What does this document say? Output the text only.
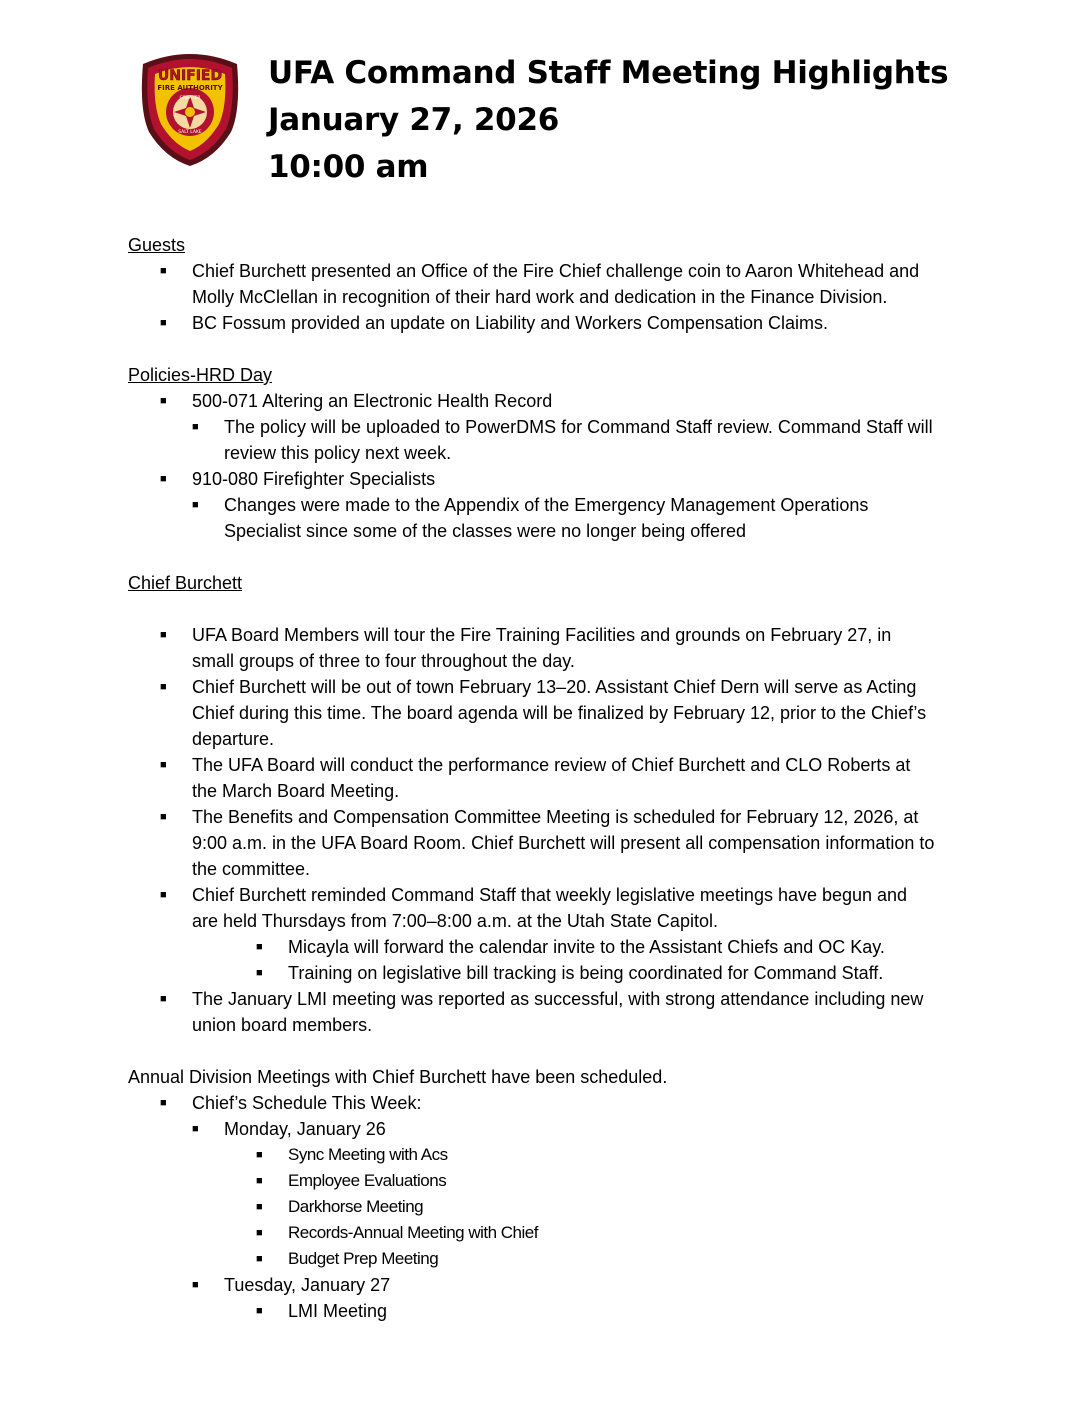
UNIFIED
FIRE AUTHORITY
GREATER
SALT LAKE

UFA Command Staff Meeting Highlights

January 27, 2026

10:00 am

Guests

■ Chief Burchett presented an Office of the Fire Chief challenge coin to Aaron Whitehead and Molly McClellan in recognition of their hard work and dedication in the Finance Division.
■ BC Fossum provided an update on Liability and Workers Compensation Claims.

Policies-HRD Day

■ 500-071 Altering an Electronic Health Record
■ The policy will be uploaded to PowerDMS for Command Staff review. Command Staff will review this policy next week.
■ 910-080 Firefighter Specialists
■ Changes were made to the Appendix of the Emergency Management Operations Specialist since some of the classes were no longer being offered

Chief Burchett

■ UFA Board Members will tour the Fire Training Facilities and grounds on February 27, in small groups of three to four throughout the day.
■ Chief Burchett will be out of town February 13–20. Assistant Chief Dern will serve as Acting Chief during this time. The board agenda will be finalized by February 12, prior to the Chief’s departure.
■ The UFA Board will conduct the performance review of Chief Burchett and CLO Roberts at the March Board Meeting.
■ The Benefits and Compensation Committee Meeting is scheduled for February 12, 2026, at 9:00 a.m. in the UFA Board Room. Chief Burchett will present all compensation information to the committee.
■ Chief Burchett reminded Command Staff that weekly legislative meetings have begun and are held Thursdays from 7:00–8:00 a.m. at the Utah State Capitol.
■ Micayla will forward the calendar invite to the Assistant Chiefs and OC Kay.
■ Training on legislative bill tracking is being coordinated for Command Staff.
■ The January LMI meeting was reported as successful, with strong attendance including new union board members.

Annual Division Meetings with Chief Burchett have been scheduled.

■ Chief’s Schedule This Week:
■ Monday, January 26
■ Sync Meeting with Acs
■ Employee Evaluations
■ Darkhorse Meeting
■ Records-Annual Meeting with Chief
■ Budget Prep Meeting
■ Tuesday, January 27
■ LMI Meeting
